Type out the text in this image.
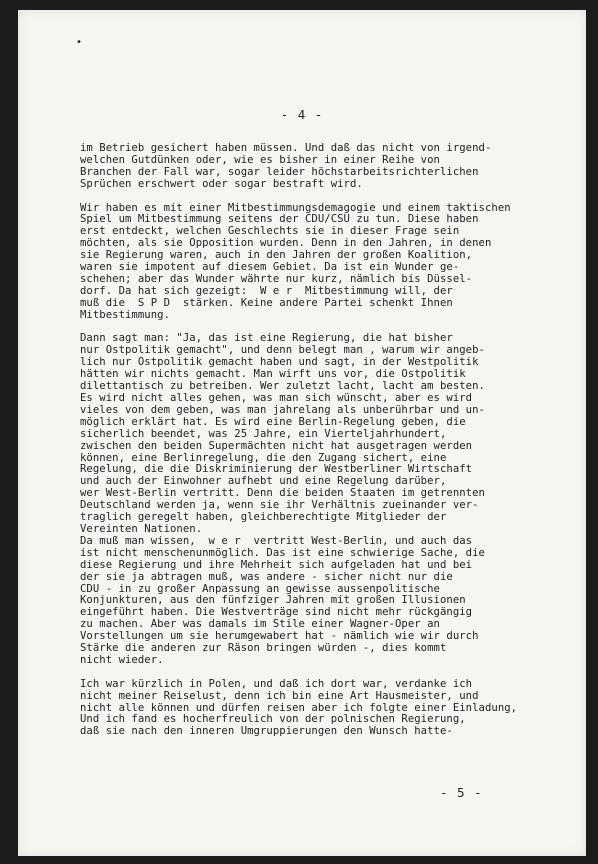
•
- 4 -
im Betrieb gesichert haben müssen. Und daß das nicht von irgend-
welchen Gutdünken oder, wie es bisher in einer Reihe von
Branchen der Fall war, sogar leider höchstarbeitsrichterlichen
Sprüchen erschwert oder sogar bestraft wird.
Wir haben es mit einer Mitbestimmungsdemagogie und einem taktischen
Spiel um Mitbestimmung seitens der CDU/CSU zu tun. Diese haben
erst entdeckt, welchen Geschlechts sie in dieser Frage sein
möchten, als sie Opposition wurden. Denn in den Jahren, in denen
sie Regierung waren, auch in den Jahren der großen Koalition,
waren sie impotent auf diesem Gebiet. Da ist ein Wunder ge-
schehen; aber das Wunder währte nur kurz, nämlich bis Düssel-
dorf. Da hat sich gezeigt:  W e r  Mitbestimmung will, der
muß die  S P D  stärken. Keine andere Partei schenkt Ihnen
Mitbestimmung.
Dann sagt man: "Ja, das ist eine Regierung, die hat bisher
nur Ostpolitik gemacht", und denn belegt man , warum wir angeb-
lich nur Ostpolitik gemacht haben und sagt, in der Westpolitik
hätten wir nichts gemacht. Man wirft uns vor, die Ostpolitik
dilettantisch zu betreiben. Wer zuletzt lacht, lacht am besten.
Es wird nicht alles gehen, was man sich wünscht, aber es wird
vieles von dem geben, was man jahrelang als unberührbar und un-
möglich erklärt hat. Es wird eine Berlin-Regelung geben, die
sicherlich beendet, was 25 Jahre, ein Vierteljahrhundert,
zwischen den beiden Supermächten nicht hat ausgetragen werden
können, eine Berlinregelung, die den Zugang sichert, eine
Regelung, die die Diskriminierung der Westberliner Wirtschaft
und auch der Einwohner aufhebt und eine Regelung darüber,
wer West-Berlin vertritt. Denn die beiden Staaten im getrennten
Deutschland werden ja, wenn sie ihr Verhältnis zueinander ver-
traglich geregelt haben, gleichberechtigte Mitglieder der
Vereinten Nationen.
Da muß man wissen,  w e r  vertritt West-Berlin, und auch das
ist nicht menschenunmöglich. Das ist eine schwierige Sache, die
diese Regierung und ihre Mehrheit sich aufgeladen hat und bei
der sie ja abtragen muß, was andere - sicher nicht nur die
CDU - in zu großer Anpassung an gewisse aussenpolitische
Konjunkturen, aus den fünfziger Jahren mit großen Illusionen
eingeführt haben. Die Westverträge sind nicht mehr rückgängig
zu machen. Aber was damals im Stile einer Wagner-Oper an
Vorstellungen um sie herumgewabert hat - nämlich wie wir durch
Stärke die anderen zur Räson bringen würden -, dies kommt
nicht wieder.
Ich war kürzlich in Polen, und daß ich dort war, verdanke ich
nicht meiner Reiselust, denn ich bin eine Art Hausmeister, und
nicht alle können und dürfen reisen aber ich folgte einer Einladung,
Und ich fand es hocherfreulich von der polnischen Regierung,
daß sie nach den inneren Umgruppierungen den Wunsch hatte-
- 5 -
